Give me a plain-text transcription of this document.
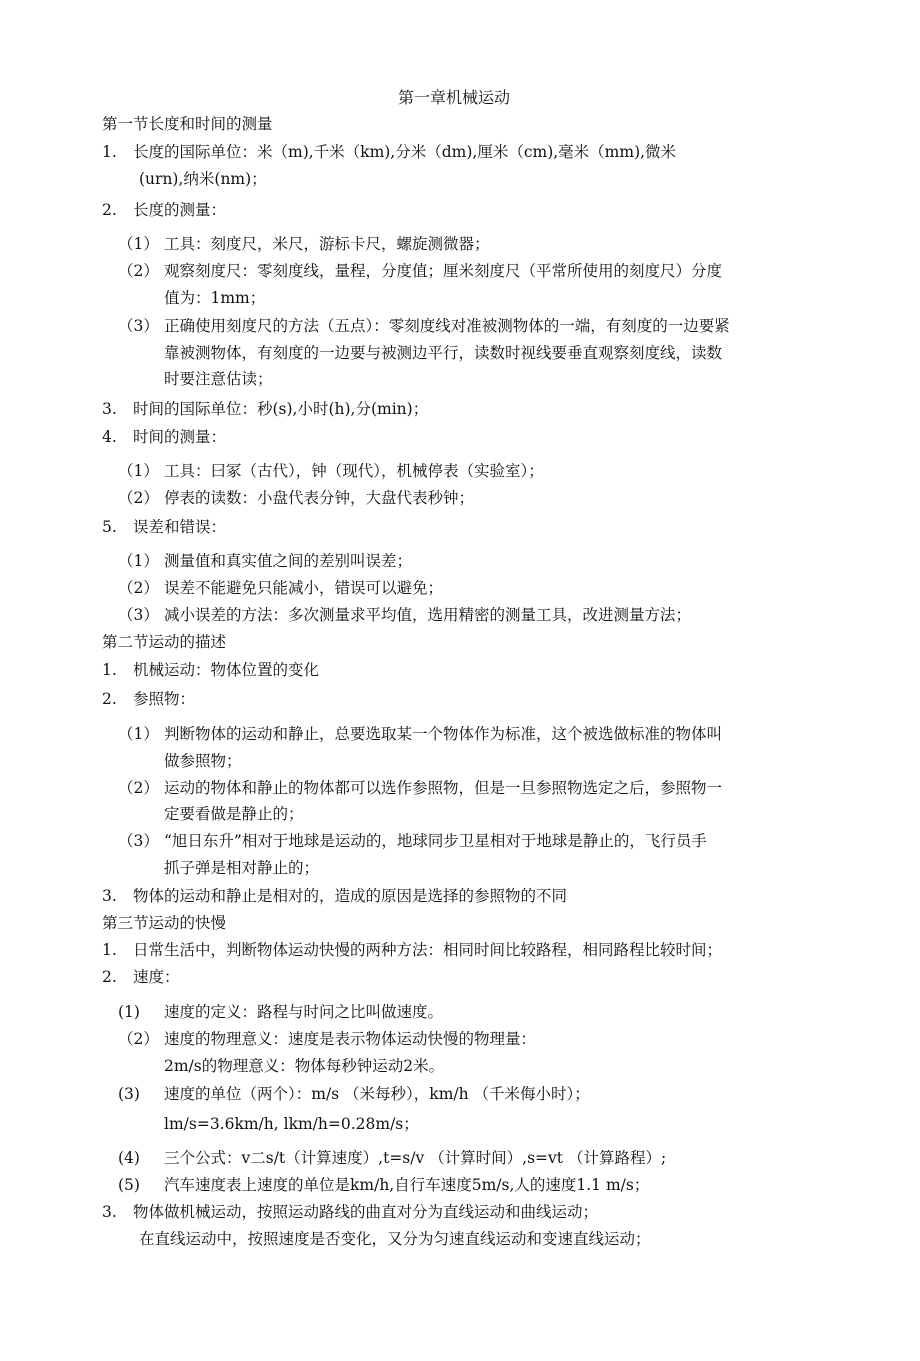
第一章机械运动
第一节长度和时间的测量
1. 长度的国际单位：米（m),千米（km),分米（dm),厘米（cm),毫米（mm),微米
(urn),纳米(nm)；
2. 长度的测量：
（1） 工具：刻度尺，米尺，游标卡尺，螺旋测微器；
（2） 观察刻度尺：零刻度线，量程，分度值；厘米刻度尺（平常所使用的刻度尺）分度
值为：1mm；
（3） 正确使用刻度尺的方法（五点）：零刻度线对准被测物体的一端，有刻度的一边要紧
靠被测物体，有刻度的一边要与被测边平行，读数时视线要垂直观察刻度线，读数
时要注意估读；
3. 时间的国际单位：秒(s),小时(h),分(min)；
4. 时间的测量：
（1） 工具：曰冢（古代），钟（现代），机械停表（实验室）；
（2） 停表的读数：小盘代表分钟，大盘代表秒钟；
5. 误差和错误：
（1） 测量值和真实值之间的差别叫误差；
（2） 误差不能避免只能减小，错误可以避免；
（3） 减小误差的方法：多次测量求平均值，选用精密的测量工具，改进测量方法；
第二节运动的描述
1. 机械运动：物体位置的变化
2. 参照物：
（1） 判断物体的运动和静止，总要选取某一个物体作为标准，这个被选做标准的物体叫
做参照物；
（2） 运动的物体和静止的物体都可以选作参照物，但是一旦参照物选定之后，参照物一
定要看做是静止的；
（3） “旭日东升”相对于地球是运动的，地球同步卫星相对于地球是静止的，飞行员手
抓子弹是相对静止的；
3. 物体的运动和静止是相对的，造成的原因是选择的参照物的不同
第三节运动的快慢
1. 日常生活中，判断物体运动快慢的两种方法：相同时间比较路程，相同路程比较时间；
2. 速度：
(1) 速度的定义：路程与时问之比叫做速度。
（2） 速度的物理意义：速度是表示物体运动快慢的物理量：
2m/s的物理意义：物体每秒钟运动2米。
(3) 速度的单位（两个）：m/s （米每秒），km/h （千米侮小时）；
lm/s=3.6km/h, lkm/h=0.28m/s；
(4) 三个公式：v二s/t（计算速度）,t=s/v （计算时间）,s=vt （计算路程）;
(5) 汽车速度表上速度的单位是km/h,自行车速度5m/s,人的速度1.1 m/s；
3. 物体做机械运动，按照运动路线的曲直对分为直线运动和曲线运动；
在直线运动中，按照速度是否变化，又分为匀速直线运动和变速直线运动；
